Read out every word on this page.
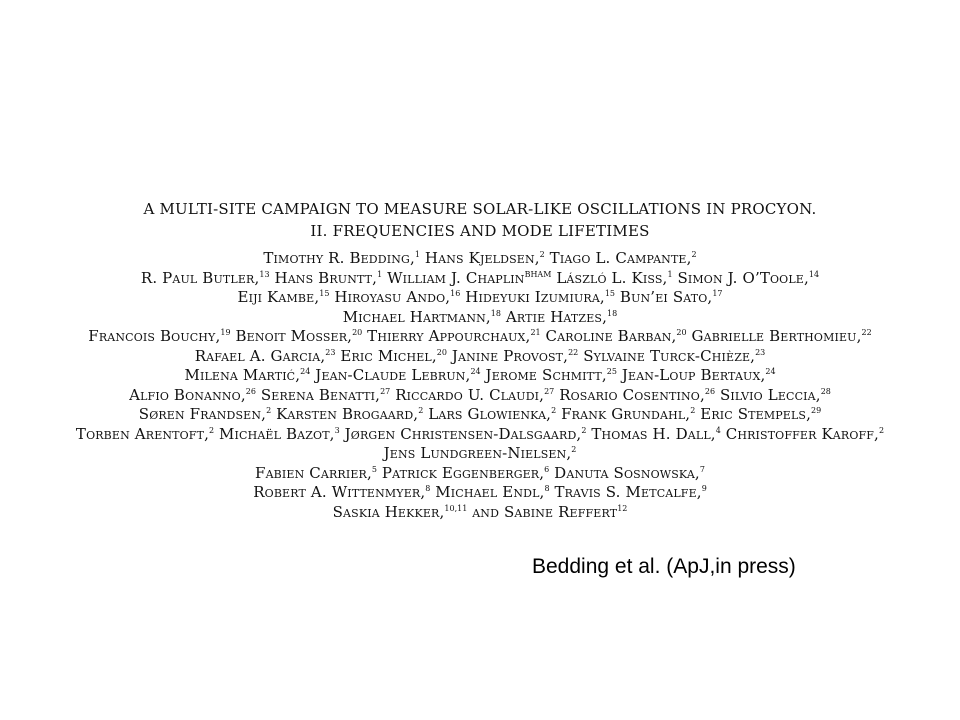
A MULTI-SITE CAMPAIGN TO MEASURE SOLAR-LIKE OSCILLATIONS IN PROCYON.
II. FREQUENCIES AND MODE LIFETIMES
Timothy R. Bedding,$^1$ Hans Kjeldsen,$^2$ Tiago L. Campante,$^2$
R. Paul Butler,$^{13}$ Hans Bruntt,$^1$ William J. Chaplin$^{BHAM}$ László L. Kiss,$^1$ Simon J. O’Toole,$^{14}$
Eiji Kambe,$^{15}$ Hiroyasu Ando,$^{16}$ Hideyuki Izumiura,$^{15}$ Bun’ei Sato,$^{17}$
Michael Hartmann,$^{18}$ Artie Hatzes,$^{18}$
Francois Bouchy,$^{19}$ Benoit Mosser,$^{20}$ Thierry Appourchaux,$^{21}$ Caroline Barban,$^{20}$ Gabrielle Berthomieu,$^{22}$
Rafael A. Garcia,$^{23}$ Eric Michel,$^{20}$ Janine Provost,$^{22}$ Sylvaine Turck-Chièze,$^{23}$
Milena Martić,$^{24}$ Jean-Claude Lebrun,$^{24}$ Jerome Schmitt,$^{25}$ Jean-Loup Bertaux,$^{24}$
Alfio Bonanno,$^{26}$ Serena Benatti,$^{27}$ Riccardo U. Claudi,$^{27}$ Rosario Cosentino,$^{26}$ Silvio Leccia,$^{28}$
Søren Frandsen,$^2$ Karsten Brogaard,$^2$ Lars Glowienka,$^2$ Frank Grundahl,$^2$ Eric Stempels,$^{29}$
Torben Arentoft,$^2$ Michaël Bazot,$^3$ Jørgen Christensen-Dalsgaard,$^2$ Thomas H. Dall,$^4$ Christoffer Karoff,$^2$
Jens Lundgreen-Nielsen,$^2$
Fabien Carrier,$^5$ Patrick Eggenberger,$^6$ Danuta Sosnowska,$^7$
Robert A. Wittenmyer,$^8$ Michael Endl,$^8$ Travis S. Metcalfe,$^9$
Saskia Hekker,$^{10,11}$ and Sabine Reffert$^{12}$
Bedding et al. (ApJ,in press)
